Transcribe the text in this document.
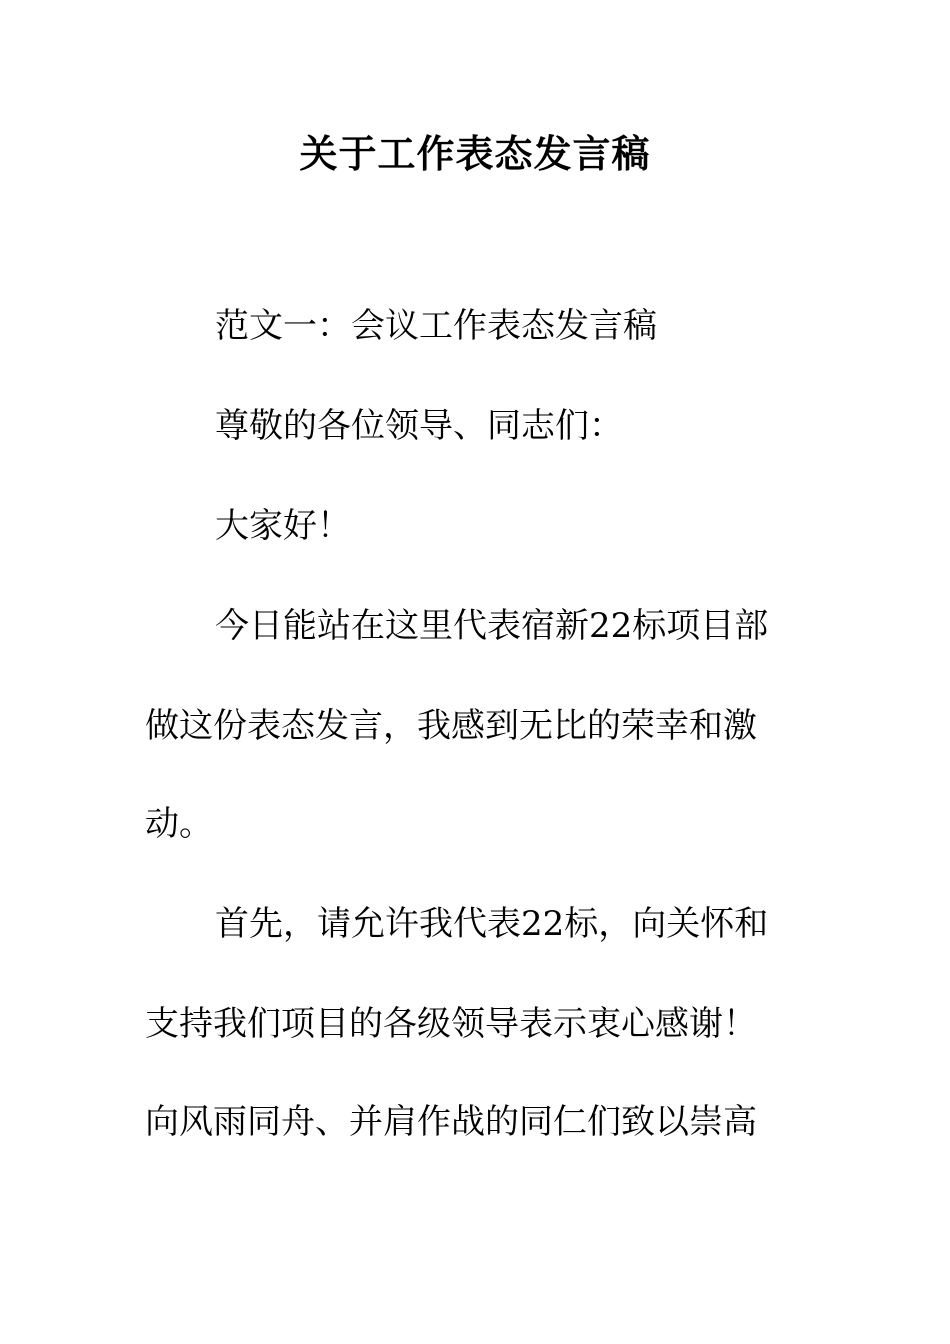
关于工作表态发言稿

范文一：会议工作表态发言稿

尊敬的各位领导、同志们：

大家好！

今日能站在这里代表宿新22标项目部

做这份表态发言，我感到无比的荣幸和激

动。

首先，请允许我代表22标，向关怀和

支持我们项目的各级领导表示衷心感谢！

向风雨同舟、并肩作战的同仁们致以崇高
